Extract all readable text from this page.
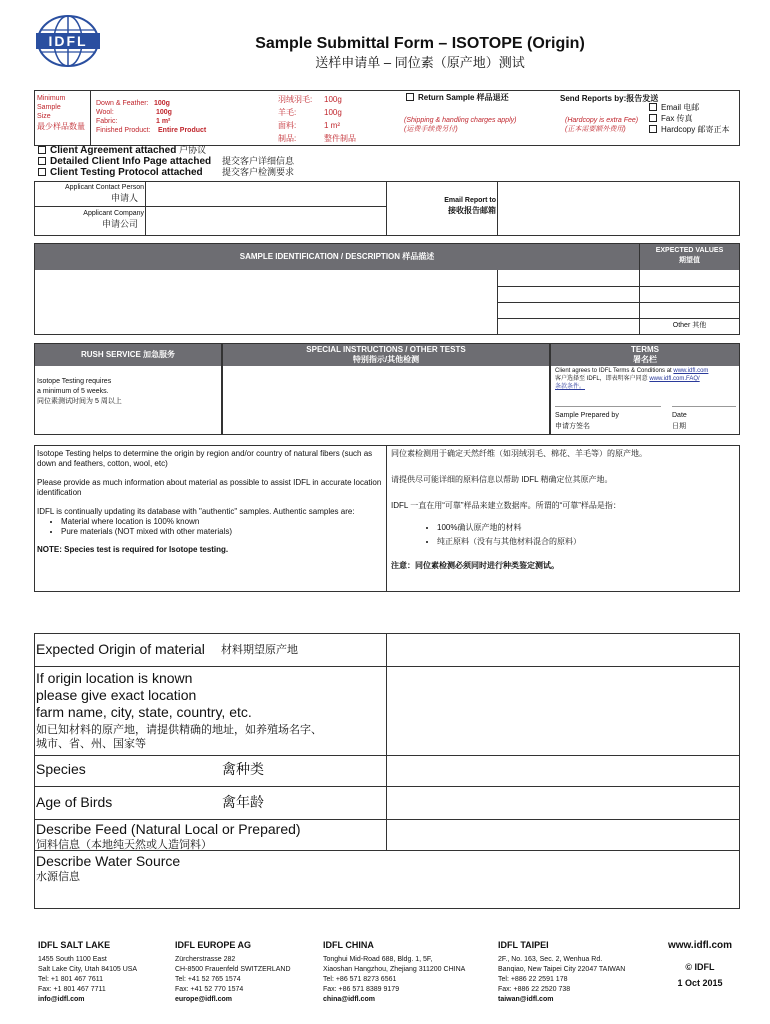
IDFL	Sample Submittal Form – ISOTOPE (Origin)
送样申请单 – 同位素（原产地）测试
Minimum
Sample
Size
最少样品数量
Down & Feather: 100g
Wool:	100g
Fabric:	1 m²
Finished Product: Entire Product
羽绒羽毛: 100g
羊毛:	100g
面料:	1 m²
制品:	整件制品
Return Sample 样品退还
(Shipping & handling charges apply)
(运费手续费另付)
Send Reports by:报告发送
(Hardcopy is extra Fee)
(正本需要额外费用)
Email 电邮
Fax 传真
Hardcopy 邮寄正本
Client Agreement attached 户协议
Detailed Client Info Page attached
Client Testing Protocol attached
提交客户详细信息
提交客户检测要求
Applicant Contact Person
申请人
Applicant Company
申请公司
Email Report to
接收报告邮箱
SAMPLE IDENTIFICATION / DESCRIPTION 样品描述
EXPECTED VALUES
期望值
Other 其他
RUSH SERVICE 加急服务
Isotope Testing requires
a minimum of 5 weeks.
同位素测试时间为 5 周以上
SPECIAL INSTRUCTIONS / OTHER TESTS
特别指示/其他检测
TERMS
署名栏
Client agrees to IDFL Terms & Conditions at www.idfl.com
客户选择至 IDFL，即表明客户同意 www.idfl.com.FAQ/
条款条件。
Sample Prepared by
申请方签名
Date
日期
Isotope Testing helps to determine the origin by region and/or country of natural fibers (such as down and feathers, cotton, wool, etc)
Please provide as much information about material as possible to assist IDFL in accurate location identification
IDFL is continually updating its database with "authentic" samples. Authentic samples are:
• Material where location is 100% known
• Pure materials (NOT mixed with other materials)
NOTE: Species test is required for Isotope testing.
同位素检测用于确定天然纤维（如羽绒羽毛、棉花、羊毛等）的原产地。
请提供尽可能详细的原料信息以帮助 IDFL 精确定位其原产地。
IDFL 一直在用“可靠”样品来建立数据库。所谓的“可靠”样品是指：
• 100%确认原产地的材料
• 纯正原料（没有与其他材料混合的原料）
注意：同位素检测必须同时进行种类鉴定测试。
Expected Origin of material 材料期望原产地
If origin location is known
please give exact location
farm name, city, state, country, etc.
如已知材料的原产地，请提供精确的地址，如养殖场名字、
城市、省、州、国家等
Species	禽种类
Age of Birds	禽年龄
Describe Feed (Natural Local or Prepared)
饲料信息（本地纯天然或人造饲料）
Describe Water Source
水源信息
IDFL SALT LAKE
1455 South 1100 East
Salt Lake City, Utah 84105 USA
Tel: +1 801 467 7611
Fax: +1 801 467 7711
info@idfl.com
IDFL EUROPE AG
Zürcherstrasse 282
CH-8500 Frauenfeld SWITZERLAND
Tel: +41 52 765 1574
Fax: +41 52 770 1574
europe@idfl.com
IDFL CHINA
Tonghui Mid-Road 688, Bldg. 1, 5F,
Xiaoshan Hangzhou, Zhejiang 311200 CHINA
Tel: +86 571 8273 6561
Fax: +86 571 8389 9179
china@idfl.com
IDFL TAIPEI
2F., No. 163, Sec. 2, Wenhua Rd.
Banqiao, New Taipei City 22047 TAIWAN
Tel: +886 22 2591 178
Fax: +886 22 2520 738
taiwan@idfl.com
www.idfl.com
© IDFL
1 Oct 2015
